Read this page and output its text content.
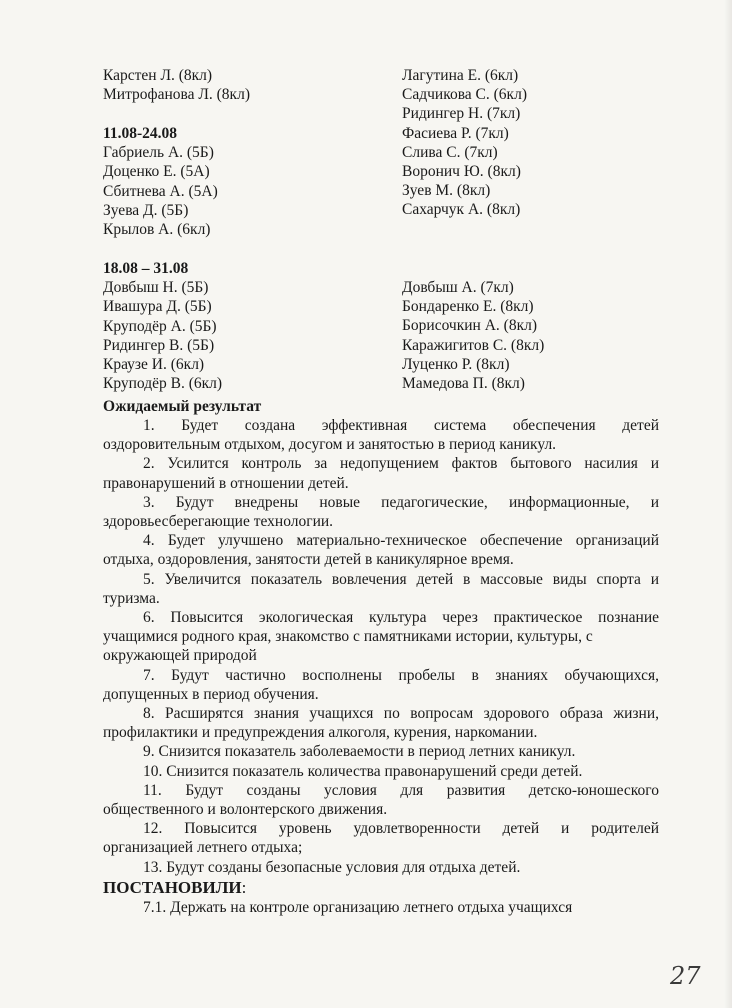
Карстен Л. (8кл)
Митрофанова Л. (8кл)
Лагутина Е. (6кл)
Садчикова С. (6кл)
Ридингер Н. (7кл)
Фасиева Р. (7кл)
Слива С. (7кл)
Воронич Ю. (8кл)
Зуев М. (8кл)
Сахарчук А. (8кл)
11.08-24.08
Габриель А. (5Б)
Доценко Е. (5А)
Сбитнева А. (5А)
Зуева Д. (5Б)
Крылов А. (6кл)
18.08 – 31.08
Довбыш Н. (5Б)
Ивашура Д. (5Б)
Круподёр А. (5Б)
Ридингер В. (5Б)
Краузе И. (6кл)
Круподёр В. (6кл)
Довбыш А. (7кл)
Бондаренко Е. (8кл)
Борисочкин А. (8кл)
Каражигитов С. (8кл)
Луценко Р. (8кл)
Мамедова П. (8кл)
Ожидаемый результат
1. Будет создана эффективная система обеспечения детей
оздоровительным отдыхом, досугом и занятостью в период каникул.
2. Усилится контроль за недопущением фактов бытового насилия и
правонарушений в отношении детей.
3. Будут внедрены новые педагогические, информационные, и
здоровьесберегающие технологии.
4. Будет улучшено материально-техническое обеспечение организаций
отдыха, оздоровления, занятости детей в каникулярное время.
5. Увеличится показатель вовлечения детей в массовые виды спорта и
туризма.
6. Повысится экологическая культура через практическое познание
учащимися родного края, знакомство с памятниками истории, культуры, с
окружающей природой
7. Будут частично восполнены пробелы в знаниях обучающихся,
допущенных в период обучения.
8. Расширятся знания учащихся по вопросам здорового образа жизни,
профилактики и предупреждения алкоголя, курения, наркомании.
9. Снизится показатель заболеваемости в период летних каникул.
10. Снизится показатель количества правонарушений среди детей.
11. Будут созданы условия для развития детско-юношеского
общественного и волонтерского движения.
12. Повысится уровень удовлетворенности детей и родителей
организацией летнего отдыха;
13. Будут созданы безопасные условия для отдыха детей.
ПОСТАНОВИЛИ:
7.1. Держать на контроле организацию летнего отдыха учащихся
27
